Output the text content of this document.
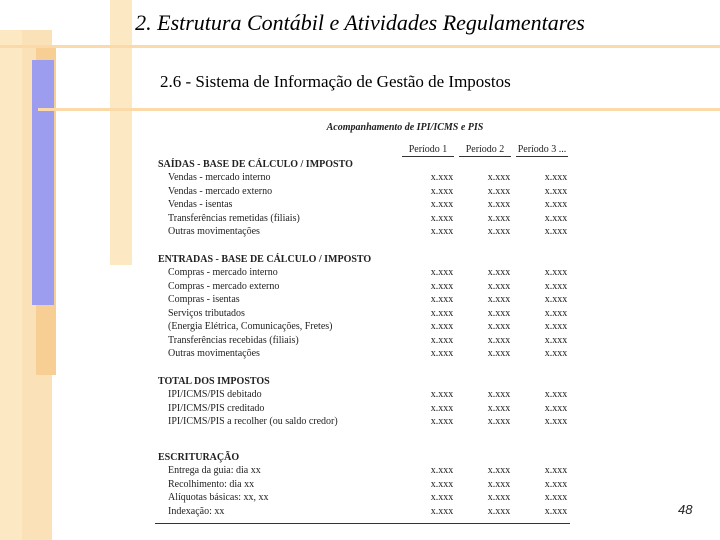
2. Estrutura Contábil e Atividades Regulamentares
2.6 - Sistema de Informação de Gestão de Impostos
Acompanhamento de IPI/ICMS e PIS
Período 1	Período 2	Período 3 ...
SAÍDAS - BASE DE CÁLCULO / IMPOSTO
Vendas - mercado interno	x.xxx	x.xxx	x.xxx
Vendas - mercado externo	x.xxx	x.xxx	x.xxx
Vendas - isentas	x.xxx	x.xxx	x.xxx
Transferências remetidas (filiais)	x.xxx	x.xxx	x.xxx
Outras movimentações	x.xxx	x.xxx	x.xxx
ENTRADAS - BASE DE CÁLCULO / IMPOSTO
Compras - mercado interno	x.xxx	x.xxx	x.xxx
Compras - mercado externo	x.xxx	x.xxx	x.xxx
Compras - isentas	x.xxx	x.xxx	x.xxx
Serviços tributados	x.xxx	x.xxx	x.xxx
(Energia Elétrica, Comunicações, Fretes)	x.xxx	x.xxx	x.xxx
Transferências recebidas (filiais)	x.xxx	x.xxx	x.xxx
Outras movimentações	x.xxx	x.xxx	x.xxx
TOTAL DOS IMPOSTOS
IPI/ICMS/PIS debitado	x.xxx	x.xxx	x.xxx
IPI/ICMS/PIS creditado	x.xxx	x.xxx	x.xxx
IPI/ICMS/PIS a recolher (ou saldo credor)	x.xxx	x.xxx	x.xxx
ESCRITURAÇÃO
Entrega da guia: dia xx	x.xxx	x.xxx	x.xxx
Recolhimento: dia xx	x.xxx	x.xxx	x.xxx
Alíquotas básicas: xx, xx	x.xxx	x.xxx	x.xxx
Indexação: xx	x.xxx	x.xxx	x.xxx	48
